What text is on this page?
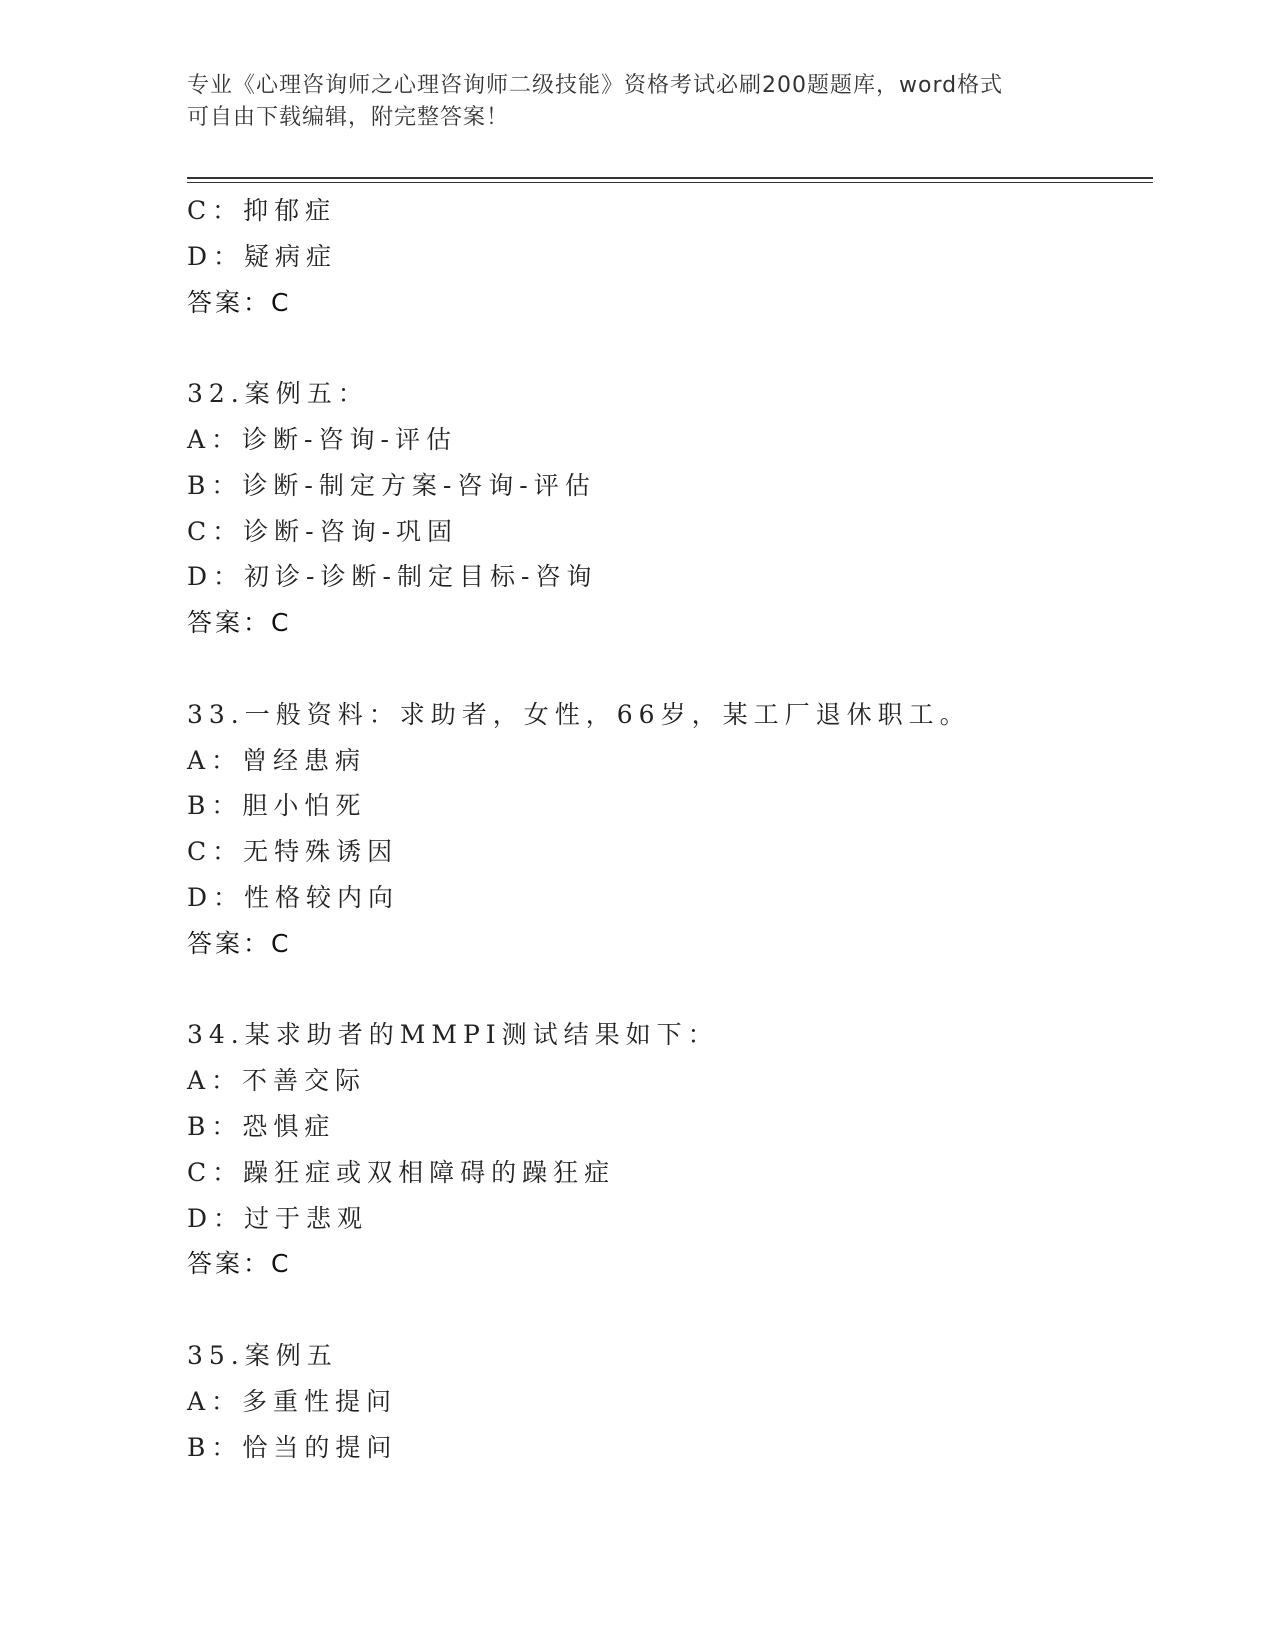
专业《心理咨询师之心理咨询师二级技能》资格考试必刷200题题库，word格式
可自由下载编辑，附完整答案！
C：抑郁症
D：疑病症
答案：C
32.案例五：
A：诊断-咨询-评估
B：诊断-制定方案-咨询-评估
C：诊断-咨询-巩固
D：初诊-诊断-制定目标-咨询
答案：C
33.一般资料：求助者，女性，66岁，某工厂退休职工。
A：曾经患病
B：胆小怕死
C：无特殊诱因
D：性格较内向
答案：C
34.某求助者的MMPI测试结果如下：
A：不善交际
B：恐惧症
C：躁狂症或双相障碍的躁狂症
D：过于悲观
答案：C
35.案例五
A：多重性提问
B：恰当的提问
